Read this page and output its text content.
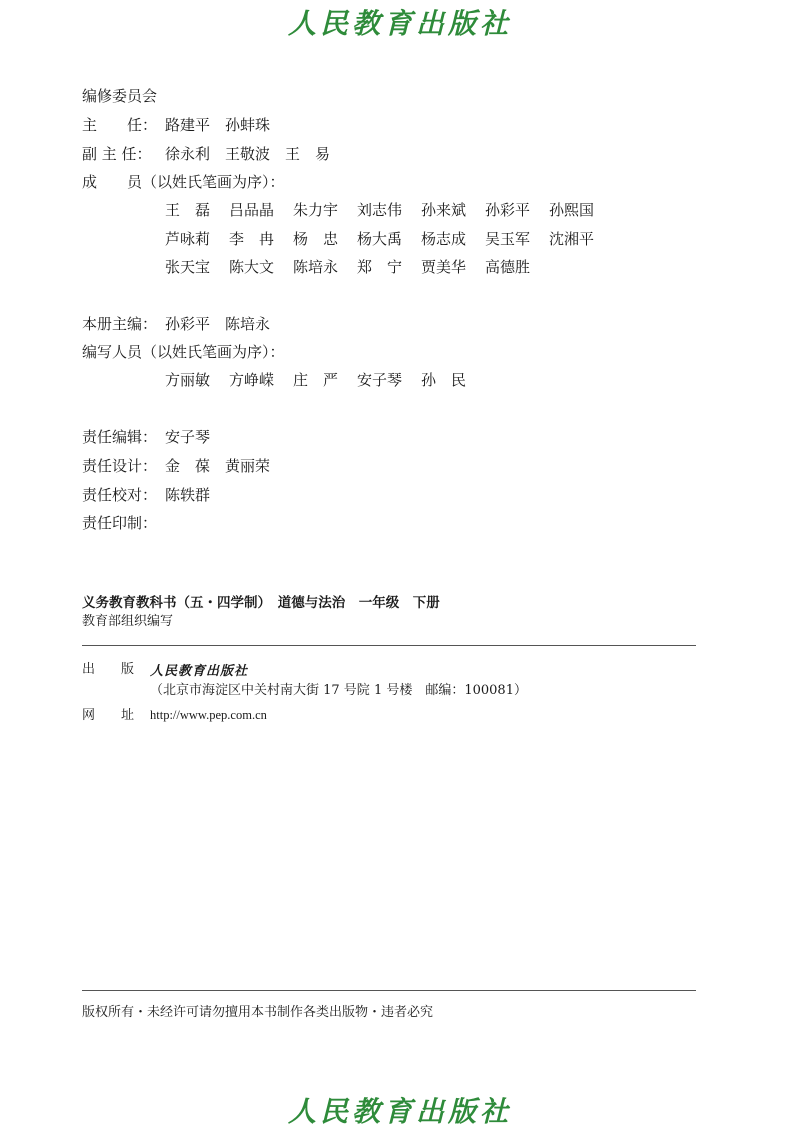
人民教育出版社
编修委员会
主　　任： 路建平　孙蚌珠
副 主 任： 徐永利　王敬波　王　易
成　　员（以姓氏笔画为序）：
王　磊 吕品晶 朱力宇 刘志伟 孙来斌 孙彩平 孙熙国
芦咏莉 李　冉 杨　忠 杨大禹 杨志成 吴玉军 沈湘平
张天宝 陈大文 陈培永 郑　宁 贾美华 高德胜
本册主编： 孙彩平　陈培永
编写人员（以姓氏笔画为序）：
方丽敏 方峥嵘 庄　严 安子琴 孙　民
责任编辑： 安子琴
责任设计： 金　葆　黄丽荣
责任校对： 陈轶群
责任印制：
义务教育教科书（五・四学制）　道德与法治　一年级　下册
教育部组织编写
出　　版 人民教育出版社
（北京市海淀区中关村南大街 17 号院 1 号楼　邮编：100081）
网　　址 http://www.pep.com.cn
版权所有・未经许可请勿擅用本书制作各类出版物・违者必究
人民教育出版社
